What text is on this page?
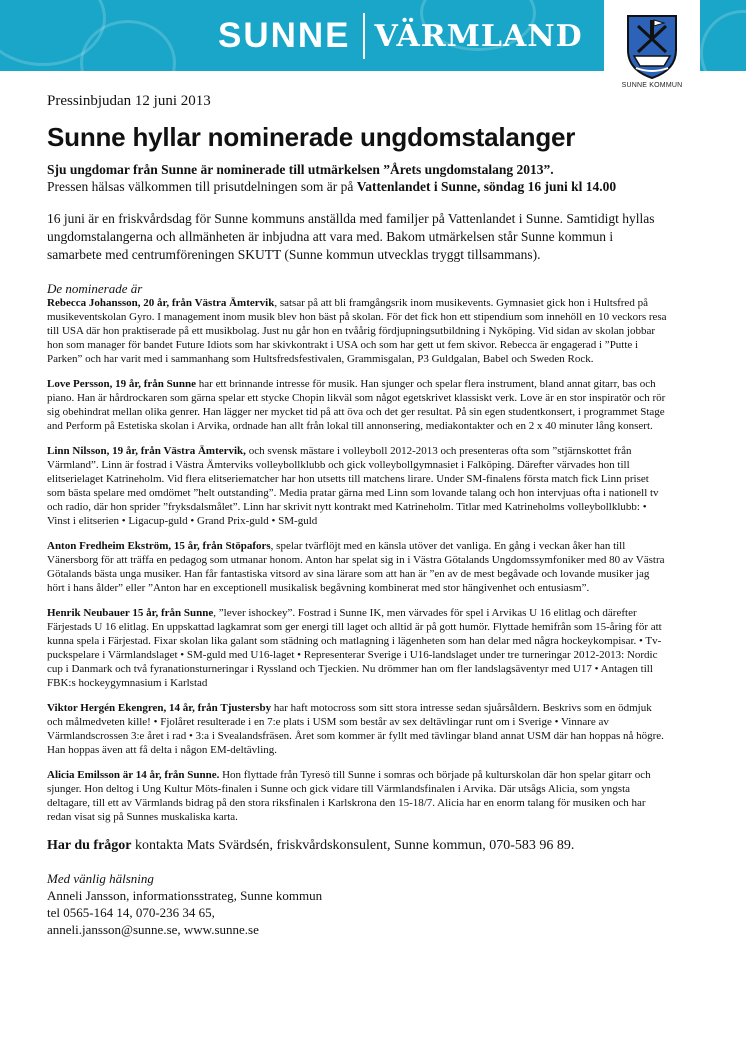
SUNNE VÄRMLAND
SUNNE KOMMUN

Pressinbjudan 12 juni 2013

Sunne hyllar nominerade ungdomstalanger

Sju ungdomar från Sunne är nominerade till utmärkelsen ”Årets ungdomstalang 2013”.
Pressen hälsas välkommen till prisutdelningen som är på Vattenlandet i Sunne, söndag 16 juni kl 14.00

16 juni är en friskvårdsdag för Sunne kommuns anställda med familjer på Vattenlandet i Sunne. Samtidigt hyllas ungdomstalangerna och allmänheten är inbjudna att vara med. Bakom utmärkelsen står Sunne kommun i samarbete med centrumföreningen SKUTT (Sunne kommun utvecklas tryggt tillsammans).

De nominerade är

Rebecca Johansson, 20 år, från Västra Ämtervik, satsar på att bli framgångsrik inom musikevents. Gymnasiet gick hon i Hultsfred på musikeventskolan Gyro. I management inom musik blev hon bäst på skolan. För det fick hon ett stipendium som innehöll en 10 veckors resa till USA där hon praktiserade på ett musikbolag. Just nu går hon en tvåårig fördjupningsutbildning i Nyköping. Vid sidan av skolan jobbar hon som manager för bandet Future Idiots som har skivkontrakt i USA och som har gett ut fem skivor. Rebecca är engagerad i ”Putte i Parken” och har varit med i sammanhang som Hultsfredsfestivalen, Grammisgalan, P3 Guldgalan, Babel och Sweden Rock.

Love Persson, 19 år, från Sunne har ett brinnande intresse för musik. Han sjunger och spelar flera instrument, bland annat gitarr, bas och piano. Han är hårdrockaren som gärna spelar ett stycke Chopin likväl som något egetskrivet klassiskt verk. Love är en stor inspiratör och rör sig obehindrat mellan olika genrer. Han lägger ner mycket tid på att öva och det ger resultat. På sin egen studentkonsert, i programmet Stage and Perform på Estetiska skolan i Arvika, ordnade han allt från lokal till annonsering, mediakontakter och en 2 x 40 minuter lång konsert.

Linn Nilsson, 19 år, från Västra Ämtervik, och svensk mästare i volleyboll 2012-2013 och presenteras ofta som ”stjärnskottet från Värmland”. Linn är fostrad i Västra Ämterviks volleybollklubb och gick volleybollgymnasiet i Falköping. Därefter värvades hon till elitserielaget Katrineholm. Vid flera elitseriematcher har hon utsetts till matchens lirare. Under SM-finalens första match fick Linn priset som bästa spelare med omdömet ”helt outstanding”. Media pratar gärna med Linn som lovande talang och hon intervjuas ofta i nationell tv och radio, där hon sprider ”fryksdalsmålet”. Linn har skrivit nytt kontrakt med Katrineholm. Titlar med Katrineholms volleybollklubb: • Vinst i elitserien • Ligacup-guld • Grand Prix-guld • SM-guld

Anton Fredheim Ekström, 15 år, från Stöpafors, spelar tvärflöjt med en känsla utöver det vanliga. En gång i veckan åker han till Vänersborg för att träffa en pedagog som utmanar honom. Anton har spelat sig in i Västra Götalands Ungdomssymfoniker med 80 av Västra Götalands bästa unga musiker. Han får fantastiska vitsord av sina lärare som att han är ”en av de mest begåvade och lovande musiker jag hört i hans ålder” eller ”Anton har en exceptionell musikalisk begåvning kombinerat med stor hängivenhet och entusiasm”.

Henrik Neubauer 15 år, från Sunne, ”lever ishockey”. Fostrad i Sunne IK, men värvades för spel i Arvikas U 16 elitlag och därefter Färjestads U 16 elitlag. En uppskattad lagkamrat som ger energi till laget och alltid är på gott humör. Flyttade hemifrån som 15-åring för att kunna spela i Färjestad. Fixar skolan lika galant som städning och matlagning i lägenheten som han delar med några hockeykompisar. • Tv-puckspelare i Värmlandslaget • SM-guld med U16-laget • Representerar Sverige i U16-landslaget under tre turneringar 2012-2013: Nordic cup i Danmark och två fyranationsturneringar i Ryssland och Tjeckien. Nu drömmer han om fler landslagsäventyr med U17 • Antagen till FBK:s hockeygymnasium i Karlstad

Viktor Hergén Ekengren, 14 år, från Tjustersby har haft motocross som sitt stora intresse sedan sjuårsåldern. Beskrivs som en ödmjuk och målmedveten kille! • Fjolåret resulterade i en 7:e plats i USM som består av sex deltävlingar runt om i Sverige • Vinnare av Värmlandscrossen 3:e året i rad • 3:a i Svealandsfräsen. Året som kommer är fyllt med tävlingar bland annat USM där han hoppas nå högre. Han hoppas även att få delta i någon EM-deltävling.

Alicia Emilsson är 14 år, från Sunne. Hon flyttade från Tyresö till Sunne i somras och började på kulturskolan där hon spelar gitarr och sjunger. Hon deltog i Ung Kultur Möts-finalen i Sunne och gick vidare till Värmlandsfinalen i Arvika. Där utsågs Alicia, som yngsta deltagare, till ett av Värmlands bidrag på den stora riksfinalen i Karlskrona den 15-18/7. Alicia har en enorm talang för musiken och har redan visat sig på Sunnes muskaliska karta.

Har du frågor kontakta Mats Svärdsén, friskvårdskonsulent, Sunne kommun, 070-583 96 89.

Med vänlig hälsning
Anneli Jansson, informationsstrateg, Sunne kommun
tel 0565-164 14, 070-236 34 65,
anneli.jansson@sunne.se, www.sunne.se
